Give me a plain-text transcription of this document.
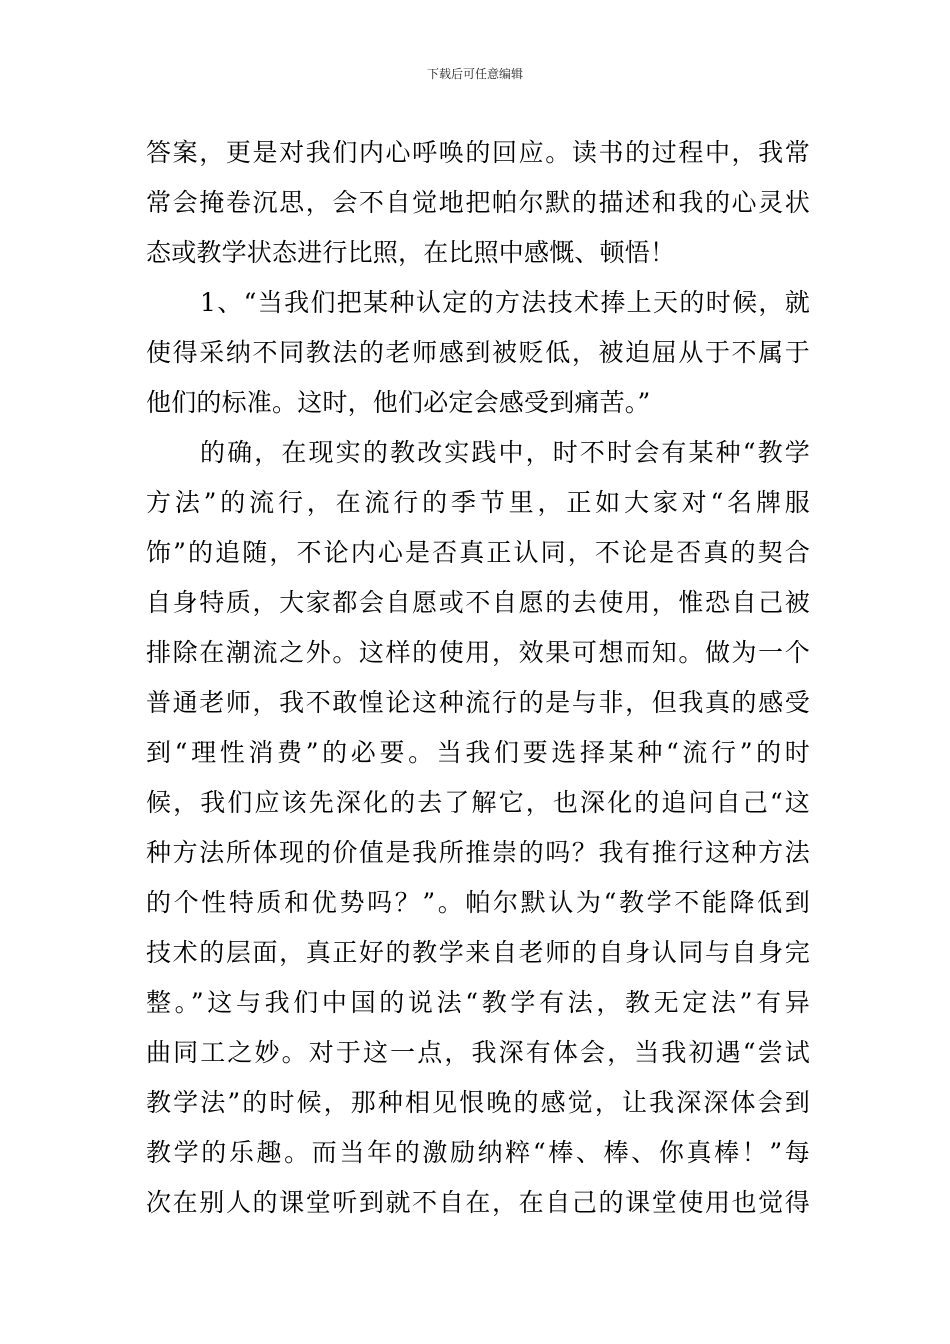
下载后可任意编辑
答案，更是对我们内心呼唤的回应。读书的过程中，我常
常会掩卷沉思，会不自觉地把帕尔默的描述和我的心灵状
态或教学状态进行比照，在比照中感慨、顿悟！
1、“当我们把某种认定的方法技术捧上天的时候，就
使得采纳不同教法的老师感到被贬低，被迫屈从于不属于
他们的标准。这时，他们必定会感受到痛苦。”
的确，在现实的教改实践中，时不时会有某种“教学
方法”的流行，在流行的季节里，正如大家对“名牌服
饰”的追随，不论内心是否真正认同，不论是否真的契合
自身特质，大家都会自愿或不自愿的去使用，惟恐自己被
排除在潮流之外。这样的使用，效果可想而知。做为一个
普通老师，我不敢惶论这种流行的是与非，但我真的感受
到“理性消费”的必要。当我们要选择某种“流行”的时
候，我们应该先深化的去了解它，也深化的追问自己“这
种方法所体现的价值是我所推崇的吗？我有推行这种方法
的个性特质和优势吗？”。帕尔默认为“教学不能降低到
技术的层面，真正好的教学来自老师的自身认同与自身完
整。”这与我们中国的说法“教学有法，教无定法”有异
曲同工之妙。对于这一点，我深有体会，当我初遇“尝试
教学法”的时候，那种相见恨晚的感觉，让我深深体会到
教学的乐趣。而当年的激励纳粹“棒、棒、你真棒！”每
次在别人的课堂听到就不自在，在自己的课堂使用也觉得
